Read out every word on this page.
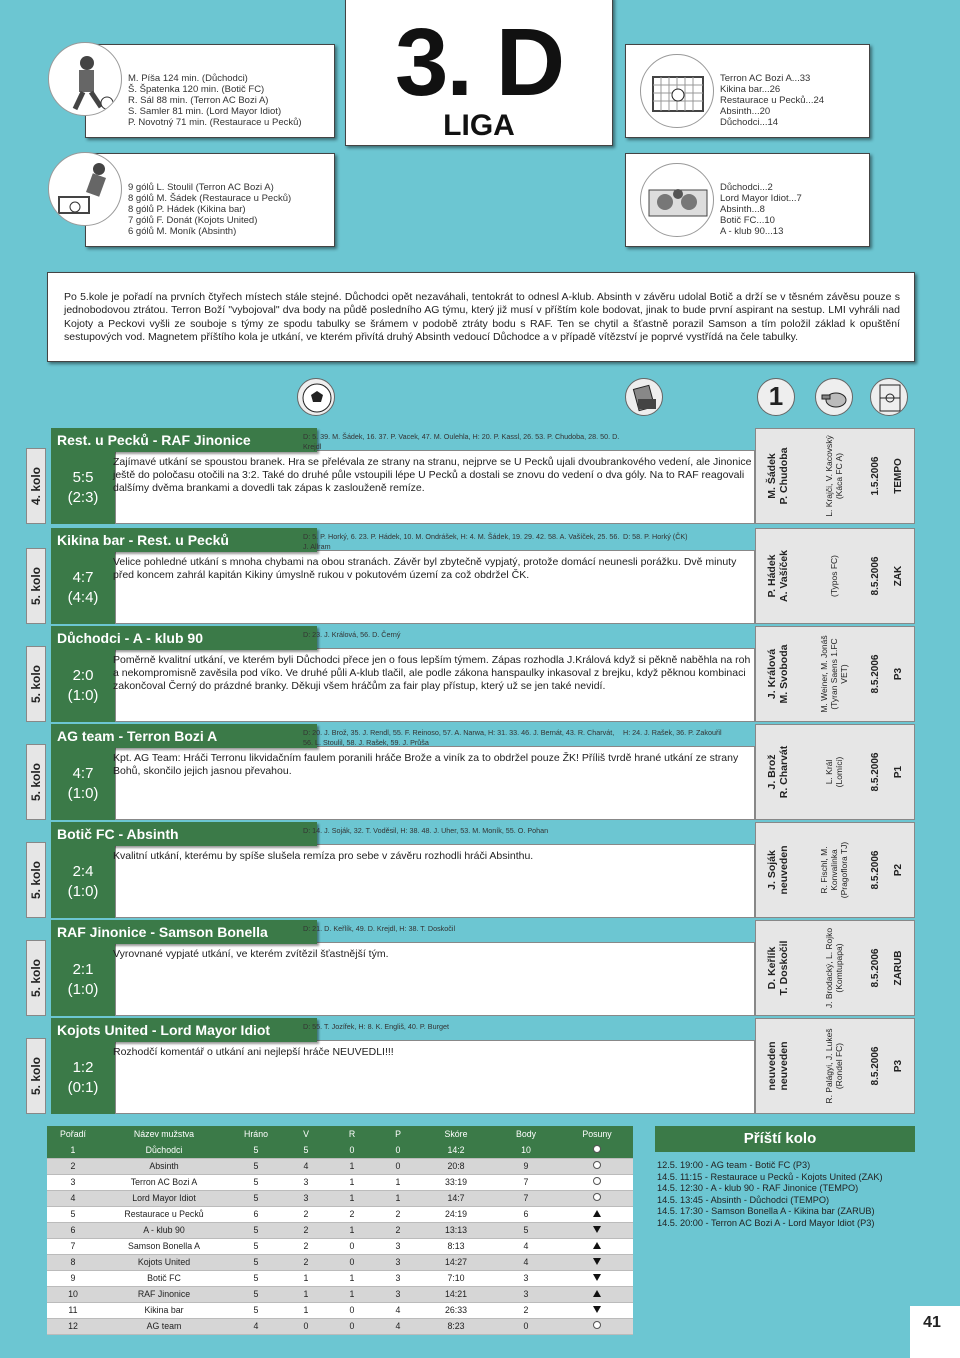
M. Píša 124 min. (Důchodci)
Š. Špatenka 120 min. (Botič FC)
R. Sál 88 min. (Terron AC Bozi A)
S. Samler 81 min. (Lord Mayor Idiot)
P. Novotný 71 min. (Restaurace u Pecků)
3. D
LIGA
Terron AC Bozi A...33
Kikina bar...26
Restaurace u Pecků...24
Absinth...20
Důchodci...14
9 gólů L. Stoulil (Terron AC Bozi A)
8 gólů M. Šádek (Restaurace u Pecků)
8 gólů P. Hádek (Kikina bar)
7 gólů F. Donát (Kojots United)
6 gólů M. Moník (Absinth)
Důchodci...2
Lord Mayor Idiot...7
Absinth...8
Botič FC...10
A - klub 90...13
Po 5.kole je pořadí na prvních čtyřech místech stále stejné. Důchodci opět nezaváhali, tentokrát to odnesl A-klub. Absinth v závěru udolal Botič a drží se v těsném závěsu pouze s jednobodovou ztrátou. Terron Boží "vybojoval" dva body na půdě posledního AG týmu, který již musí v příštím kole bodovat, jinak to bude první aspirant na sestup. LMI vyhráli nad Kojoty a Peckovi vyšli ze souboje s týmy ze spodu tabulky se šrámem v podobě ztráty bodu s RAF. Ten se chytil a šťastně porazil Samson a tím položil základ k opuštění sestupových vod. Magnetem příštího kola je utkání, ve kterém přivítá druhý Absinth vedoucí Důchodce a v případě vítězství je poprvé vystřídá na čele tabulky.
1
4. kolo
Rest. u Pecků - RAF Jinonice
5:5
(2:3)
D: 5. 39. M. Šádek, 16. 37. P. Vacek, 47. M. Oulehla, H: 20. P. Kassl, 26. 53. P. Chudoba, 28. 50. D. Krejdl
Zajímavé utkání se spoustou branek. Hra se přelévala ze strany na stranu, nejprve se U Pecků ujali dvoubrankového vedení, ale Jinonice ještě do poločasu otočili na 3:2. Také do druhé půle vstoupili lépe U Pecků a dostali se znovu do vedení o dva góly. Na to RAF reagovali dalšímy dvěma brankami a dovedli tak zápas k zaslouženě remíze.	M. Šádek
P. Chudoba
L. Krajči, V. Kacovský
(Káca FC A)	1.5.2006 TEMPO
5. kolo
Kikina bar - Rest. u Pecků
4:7
(4:4)
D: 5. P. Horký, 6. 23. P. Hádek, 10. M. Ondrášek, H: 4. M. Šádek, 19. 29. 42. 58. A. Vašíček, 25. 56. J. Allram
D: 58. P. Horký (ČK)
Velice pohledné utkání s mnoha chybami na obou stranách. Závěr byl zbytečně vypjatý, protože domácí neunesli porážku. Dvě minuty před koncem zahrál kapitán Kikiny úmyslně rukou v pokutovém území za což obdržel ČK.
P. Hádek
A. Vašíček	(Typos FC)	8.5.2006 ZAK
5. kolo
Důchodci - A - klub 90
2:0
(1:0)
D: 23. J. Králová, 56. D. Černý
Poměrně kvalitní utkání, ve kterém byli Důchodci přece jen o fous lepším týmem. Zápas rozhodla J.Králová když si pěkně naběhla na roh a nekompromisně zavěsila pod víko. Ve druhé půli A-klub tlačil, ale podle zákona hanspaulky inkasoval z brejku, když pěknou kombinaci zakončoval Černý do prázdné branky. Děkuji všem hráčům za fair play přístup, který už se jen také nevidí.
J. Králová
M. Svoboda
M. Weiner, M. Jonáš
(Tyran Saens 1.FC VET) 8.5.2006 P3
5. kolo
AG team - Terron Bozi A
4:7
(1:0)
D: 20. J. Brož, 35. J. Rendl, 55. F. Reinoso, 57. A. Narwa, H: 31. 33. 46. J. Bernát, 43. R. Charvát, 56. L. Stoulil, 58. J. Rašek, 59. J. Průša
H: 24. J. Rašek, 36. P. Zakouřil
Kpt. AG Team: Hráči Terronu likvidačním faulem poranili hráče Brože a viník za to obdržel pouze ŽK! Příliš tvrdě hrané utkání ze strany Bohů, skončilo jejich jasnou převahou.
J. Brož
R. Charvát	L. Král
(Lomíci)	8.5.2006 P1
5. kolo
Botič FC - Absinth
2:4
(1:0)
D: 14. J. Soják, 32. T. Voděsil, H: 38. 48. J. Uher, 53. M. Moník, 55. O. Pohan
Kvalitní utkání, kterému by spíše slušela remíza pro sebe v závěru rozhodli hráči Absinthu.
J. Soják
neuveden	R. Fischl, M. Konvalinka
(Pragoflora TJ)
8.5.2006 P2
5. kolo
RAF Jinonice - Samson Bonella
2:1
(1:0)
D: 21. D. Keřlík, 49. D. Krejdl, H: 38. T. Doskočil
Vyrovnané vypjaté utkání, ve kterém zvítězil šťastnější tým.
D. Keřlík
T. Doskočil
J. Brodacký, L. Rojko
(Komtupapa)	8.5.2006 ZARUB
5. kolo
Kojots United - Lord Mayor Idiot
1:2
(0:1)
D: 55. T. Jozífek, H: 8. K. Engliš, 40. P. Burget
Rozhodčí komentář o utkání ani nejlepší hráče NEUVEDLI!!!	neuveden
neuveden
R. Palágyi, J. Lukeš
(Rondel FC)	8.5.2006 P3
Pořadí	Název mužstva	Hráno	V	R	P	Skóre	Body	Posuny
1	Důchodci	5	5	0	0	14:2	10	
2	Absinth	5	4	1	0	20:8	9	
3	Terron AC Bozi A	5	3	1	1	33:19	7	
4	Lord Mayor Idiot	5	3	1	1	14:7	7	
5	Restaurace u Pecků	6	2	2	2	24:19	6	
6	A - klub 90	5	2	1	2	13:13	5	
7	Samson Bonella A	5	2	0	3	8:13	4	
8	Kojots United	5	2	0	3	14:27	4	
9	Botič FC	5	1	1	3	7:10	3	
10	RAF Jinonice	5	1	1	3	14:21	3	
11	Kikina bar	5	1	0	4	26:33	2	
12	AG team	4	0	0	4	8:23	0	
Příští kolo
12.5. 19:00 - AG team - Botič FC (P3)
14.5. 11:15 - Restaurace u Pecků - Kojots United (ZAK)
14.5. 12:30 - A - klub 90 - RAF Jinonice (TEMPO)
14.5. 13:45 - Absinth - Důchodci (TEMPO)
14.5. 17:30 - Samson Bonella A - Kikina bar (ZARUB)
14.5. 20:00 - Terron AC Bozi A - Lord Mayor Idiot (P3)
41
